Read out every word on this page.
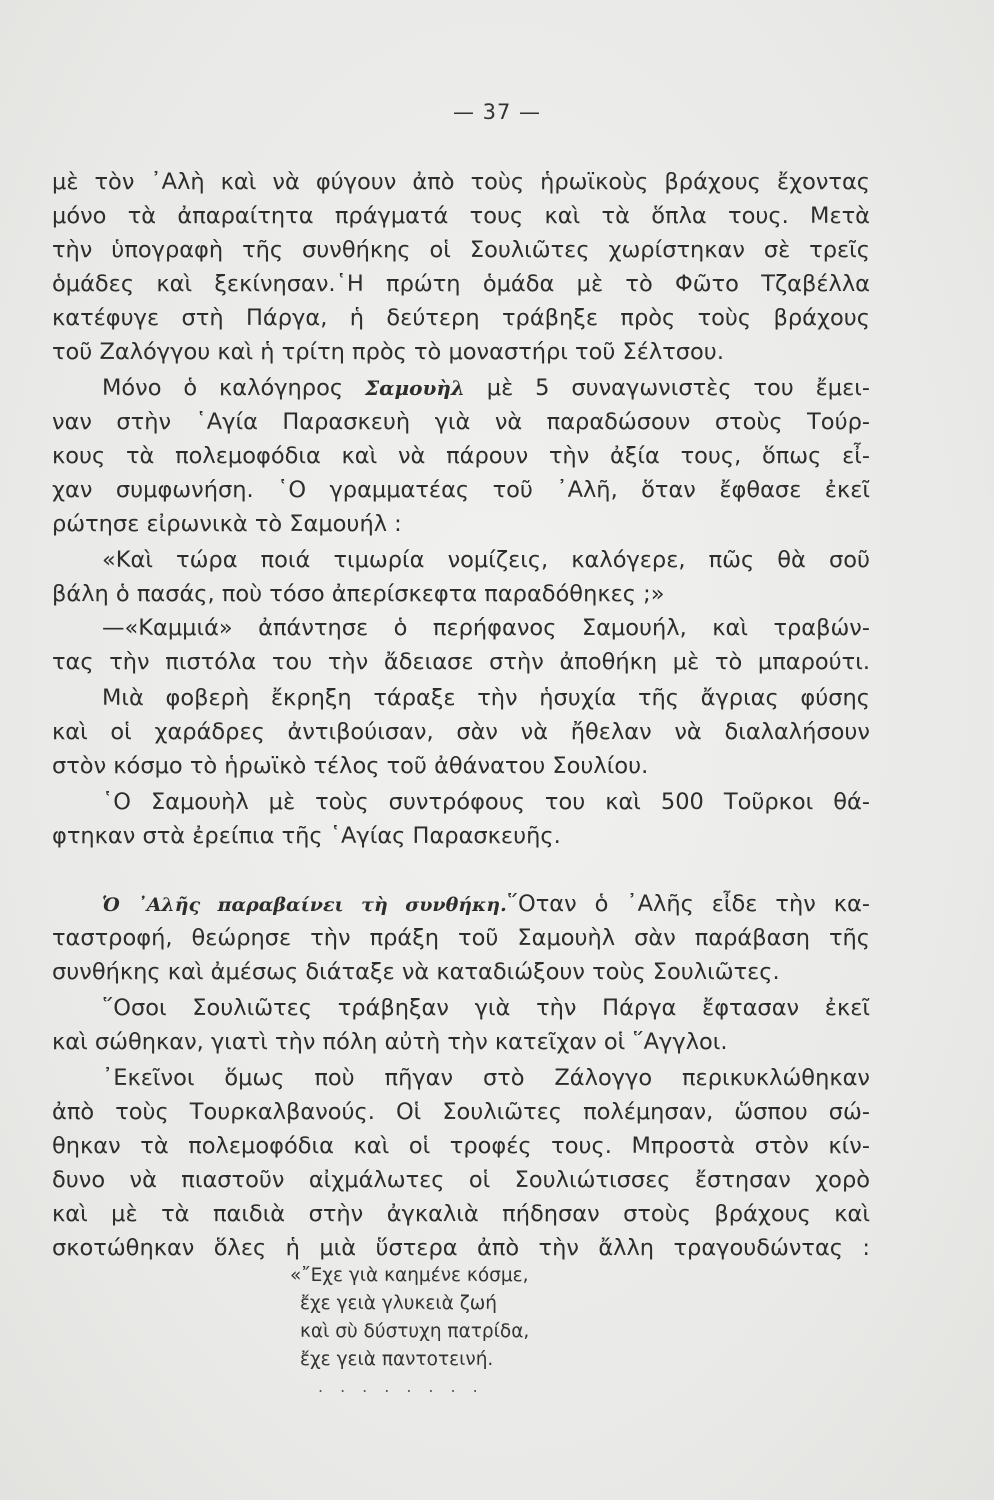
— 37 —
μὲ τὸν ᾿Αλὴ καὶ νὰ φύγουν ἀπὸ τοὺς ἡρωϊκοὺς βράχους ἔχοντας
μόνο τὰ ἀπαραίτητα πράγματά τους καὶ τὰ ὅπλα τους. Μετὰ
τὴν ὑπογραφὴ τῆς συνθήκης οἱ Σουλιῶτες χωρίστηκαν σὲ τρεῖς
ὁμάδες καὶ ξεκίνησαν.῾Η πρώτη ὁμάδα μὲ τὸ Φῶτο Τζαβέλλα
κατέφυγε στὴ Πάργα, ἡ δεύτερη τράβηξε πρὸς τοὺς βράχους
τοῦ Ζαλόγγου καὶ ἡ τρίτη πρὸς τὸ μοναστήρι τοῦ Σέλτσου.
Μόνο ὁ καλόγηρος Σαμουὴλ μὲ 5 συναγωνιστὲς του ἔμει-
ναν στὴν ῾Αγία Παρασκευὴ γιὰ νὰ παραδώσουν στοὺς Τούρ-
κους τὰ πολεμοφόδια καὶ νὰ πάρουν τὴν ἀξία τους, ὅπως εἶ-
χαν συμφωνήση. ῾Ο γραμματέας τοῦ ᾿Αλῆ, ὅταν ἔφθασε ἐκεῖ
ρώτησε εἰρωνικὰ τὸ Σαμουήλ :
«Καὶ τώρα ποιά τιμωρία νομίζεις, καλόγερε, πῶς θὰ σοῦ
βάλη ὁ πασάς, ποὺ τόσο ἀπερίσκεφτα παραδόθηκες ;»
—«Καμμιά» ἀπάντησε ὁ περήφανος Σαμουήλ, καὶ τραβών-
τας τὴν πιστόλα του τὴν ἄδειασε στὴν ἀποθήκη μὲ τὸ μπαρούτι.
Μιὰ φοβερὴ ἔκρηξη τάραξε τὴν ἡσυχία τῆς ἄγριας φύσης
καὶ οἱ χαράδρες ἀντιβούισαν, σὰν νὰ ἤθελαν νὰ διαλαλήσουν
στὸν κόσμο τὸ ἡρωϊκὸ τέλος τοῦ ἀθάνατου Σουλίου.
῾Ο Σαμουὴλ μὲ τοὺς συντρόφους του καὶ 500 Τοῦρκοι θά-
φτηκαν στὰ ἐρείπια τῆς ῾Αγίας Παρασκευῆς.
Ὁ ᾿Αλῆς παραβαίνει τὴ συνθήκη.῞Οταν ὁ ᾿Αλῆς εἶδε τὴν κα-
ταστροφή, θεώρησε τὴν πράξη τοῦ Σαμουὴλ σὰν παράβαση τῆς
συνθήκης καὶ ἀμέσως διάταξε νὰ καταδιώξουν τοὺς Σουλιῶτες.
῞Οσοι Σουλιῶτες τράβηξαν γιὰ τὴν Πάργα ἔφτασαν ἐκεῖ
καὶ σώθηκαν, γιατὶ τὴν πόλη αὐτὴ τὴν κατεῖχαν οἱ ῞Αγγλοι.
᾿Εκεῖνοι ὅμως ποὺ πῆγαν στὸ Ζάλογγο περικυκλώθηκαν
ἀπὸ τοὺς Τουρκαλβανούς. Οἱ Σουλιῶτες πολέμησαν, ὥσπου σώ-
θηκαν τὰ πολεμοφόδια καὶ οἱ τροφές τους. Μπροστὰ στὸν κίν-
δυνο νὰ πιαστοῦν αἰχμάλωτες οἱ Σουλιώτισσες ἔστησαν χορὸ
καὶ μὲ τὰ παιδιὰ στὴν ἀγκαλιὰ πήδησαν στοὺς βράχους καὶ
σκοτώθηκαν ὅλες ἡ μιὰ ὕστερα ἀπὸ τὴν ἄλλη τραγουδώντας :
«῎Εχε γιὰ καημένε κόσμε,
ἔχε γειὰ γλυκειὰ ζωή
καὶ σὺ δύστυχη πατρίδα,
ἔχε γειὰ παντοτεινή.
........
